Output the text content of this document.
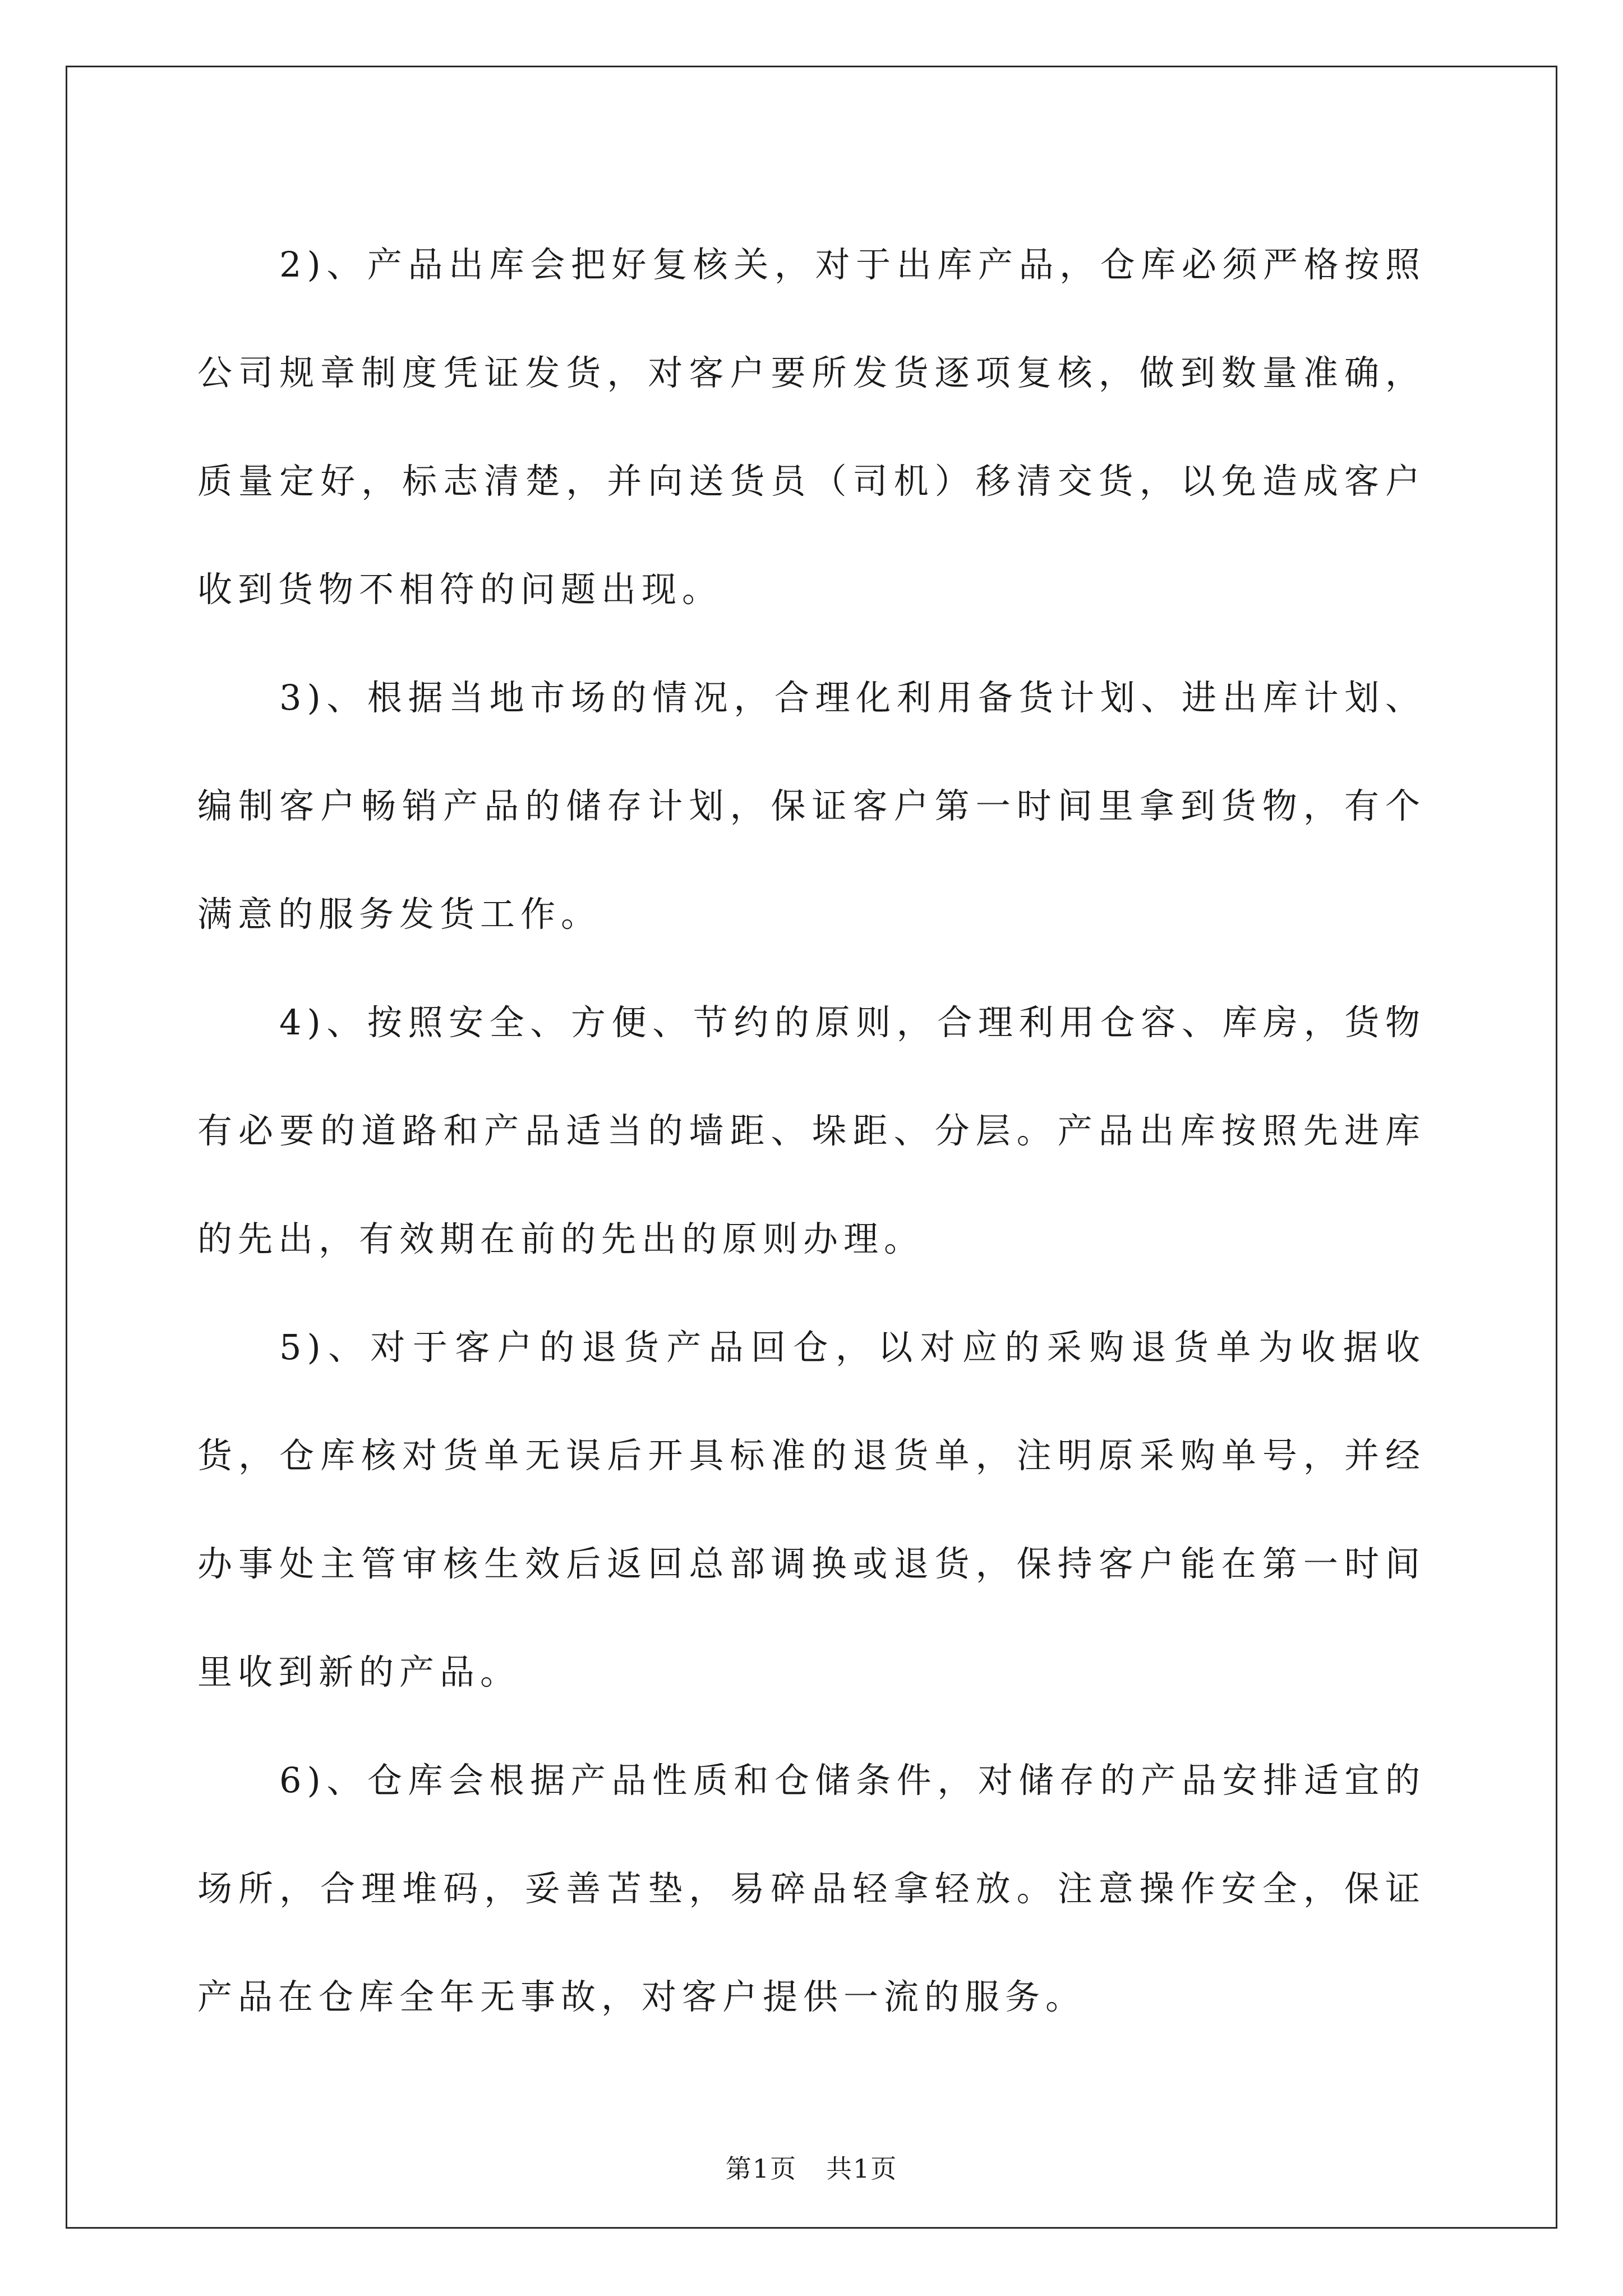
2)、产品出库会把好复核关，对于出库产品，仓库必须严格按照公司规章制度凭证发货，对客户要所发货逐项复核，做到数量准确，质量定好，标志清楚，并向送货员（司机）移清交货，以免造成客户收到货物不相符的问题出现。

3)、根据当地市场的情况，合理化利用备货计划、进出库计划、编制客户畅销产品的储存计划，保证客户第一时间里拿到货物，有个满意的服务发货工作。

4)、按照安全、方便、节约的原则，合理利用仓容、库房，货物有必要的道路和产品适当的墙距、垛距、分层。产品出库按照先进库的先出，有效期在前的先出的原则办理。

5)、对于客户的退货产品回仓，以对应的采购退货单为收据收货，仓库核对货单无误后开具标准的退货单，注明原采购单号，并经办事处主管审核生效后返回总部调换或退货，保持客户能在第一时间里收到新的产品。

6)、仓库会根据产品性质和仓储条件，对储存的产品安排适宜的场所，合理堆码，妥善苫垫，易碎品轻拿轻放。注意操作安全，保证产品在仓库全年无事故，对客户提供一流的服务。

第1页 共1页
